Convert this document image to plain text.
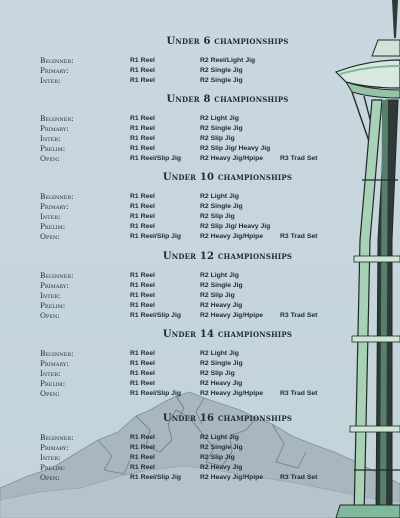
Under 6 championships
Beginner:	R1 Reel	R2 Reel/Light Jig
Primary:	R1 Reel	R2 Single Jig
Inter:	R1 Reel	R2 Single Jig
Under 8 championships
Beginner:	R1 Reel	R2 Light Jig
Primary:	R1 Reel	R2 Single Jig
Inter:	R1 Reel	R2 Slip Jig
Prelim:	R1 Reel	R2 Slip Jig/ Heavy Jig
Open:	R1 Reel/Slip Jig	R2 Heavy Jig/Hpipe R3 Trad Set
Under 10 championships
Beginner:	R1 Reel	R2 Light Jig
Primary:	R1 Reel	R2 Single Jig
Inter:	R1 Reel	R2 Slip Jig
Prelim:	R1 Reel	R2 Slip Jig/ Heavy Jig
Open:	R1 Reel/Slip Jig	R2 Heavy Jig/Hpipe R3 Trad Set
Under 12 championships
Beginner:	R1 Reel	R2 Light Jig
Primary:	R1 Reel	R2 Single Jig
Inter:	R1 Reel	R2 Slip Jig
Prelim:	R1 Reel	R2 Heavy Jig
Open:	R1 Reel/Slip Jig	R2 Heavy Jig/Hpipe R3 Trad Set
Under 14 championships
Beginner:	R1 Reel	R2 Light Jig
Primary:	R1 Reel	R2 Single Jig
Inter:	R1 Reel	R2 Slip Jig
Prelim:	R1 Reel	R2 Heavy Jig
Open:	R1 Reel/Slip Jig	R2 Heavy Jig/Hpipe R3 Trad Set
Under 16 championships
Beginner:	R1 Reel	R2 Light Jig
Primary:	R1 Reel	R2 Single Jig
Inter:	R1 Reel	R2 Slip Jig
Prelim:	R1 Reel	R2 Heavy Jig
Open:	R1 Reel/Slip Jig	R2 Heavy Jig/Hpipe R3 Trad Set
